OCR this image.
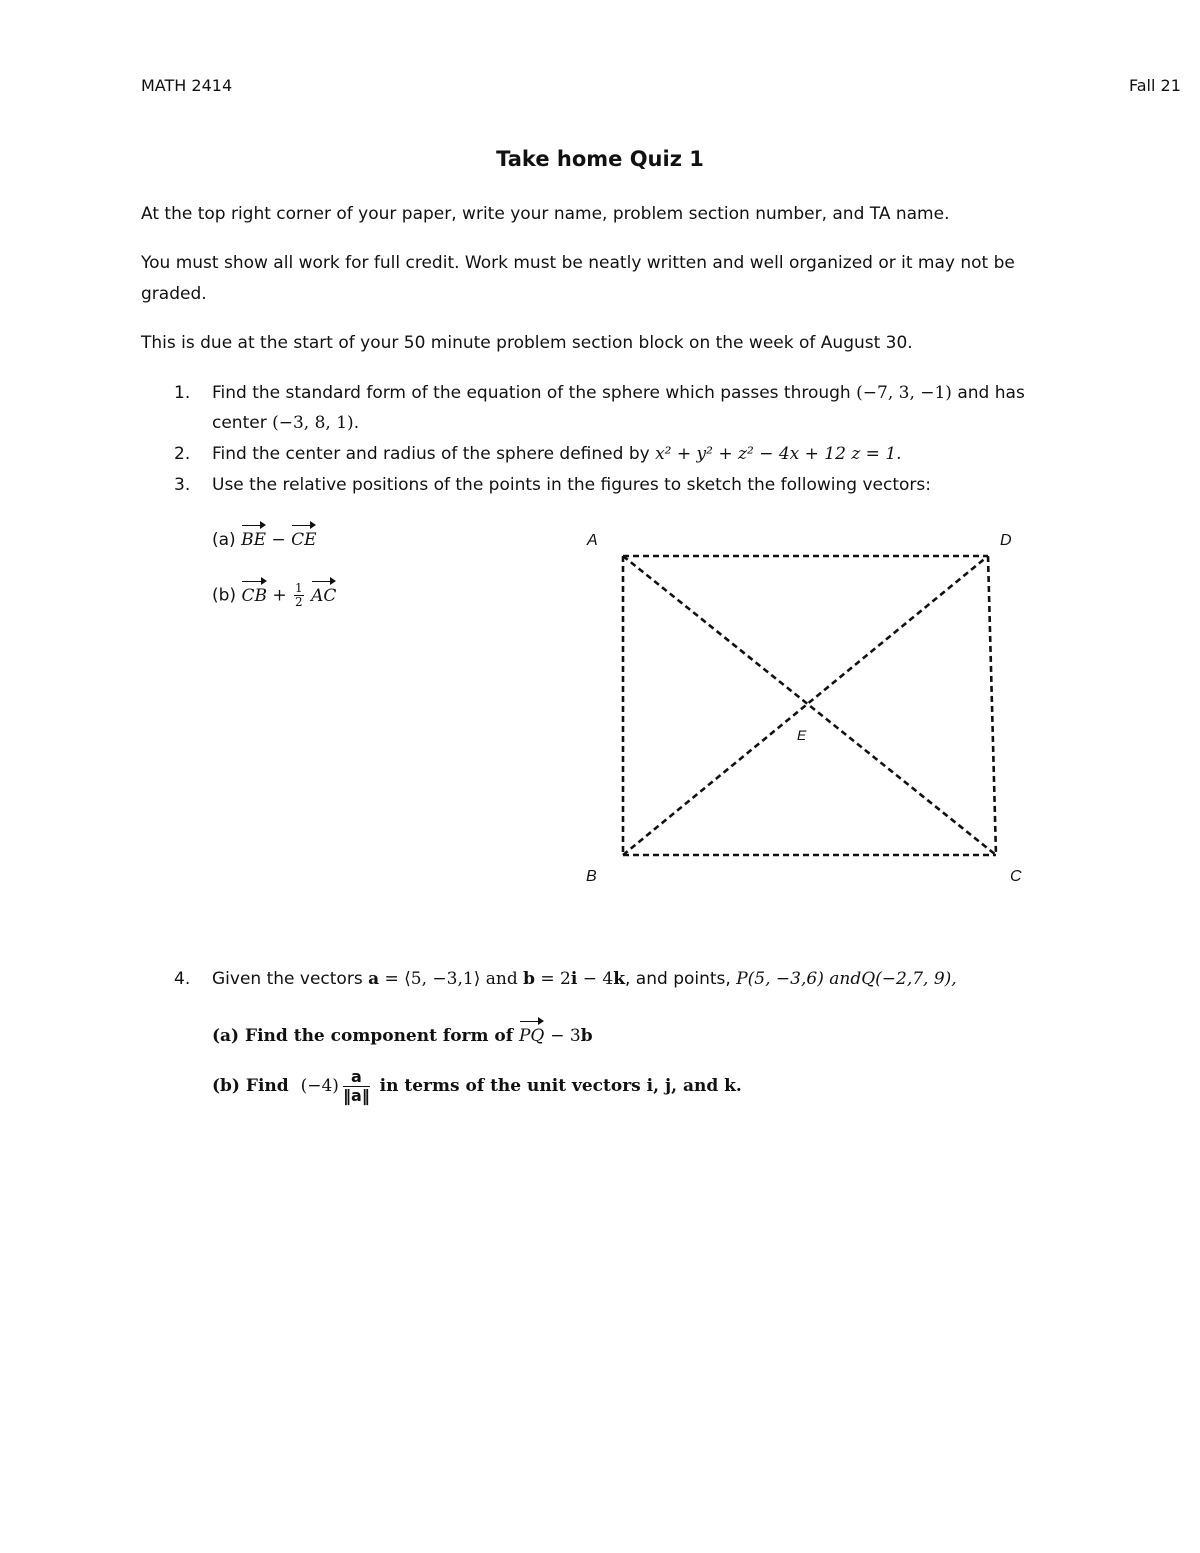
MATH 2414	Fall 21
Take home Quiz 1
At the top right corner of your paper, write your name, problem section number, and TA name.
You must show all work for full credit. Work must be neatly written and well organized or it may not be
graded.
This is due at the start of your 50 minute problem section block on the week of August 30.
1. Find the standard form of the equation of the sphere which passes through (−7, 3, −1) and has
center (−3, 8, 1).
2. Find the center and radius of the sphere defined by x² + y² + z² − 4x + 12 z = 1.
3. Use the relative positions of the points in the figures to sketch the following vectors:
(a) BE − CE
(b) CB + $\frac{1}{2}$ AC
A	D
E
B	C
4. Given the vectors a = ⟨5, −3,1⟩ and b = 2i − 4k, and points, P(5, −3,6) andQ(−2,7, 9),
(a) Find the component form of PQ − 3b
(b) Find $(-4) \frac{a}{‖a‖}$ in terms of the unit vectors i, j, and k.
